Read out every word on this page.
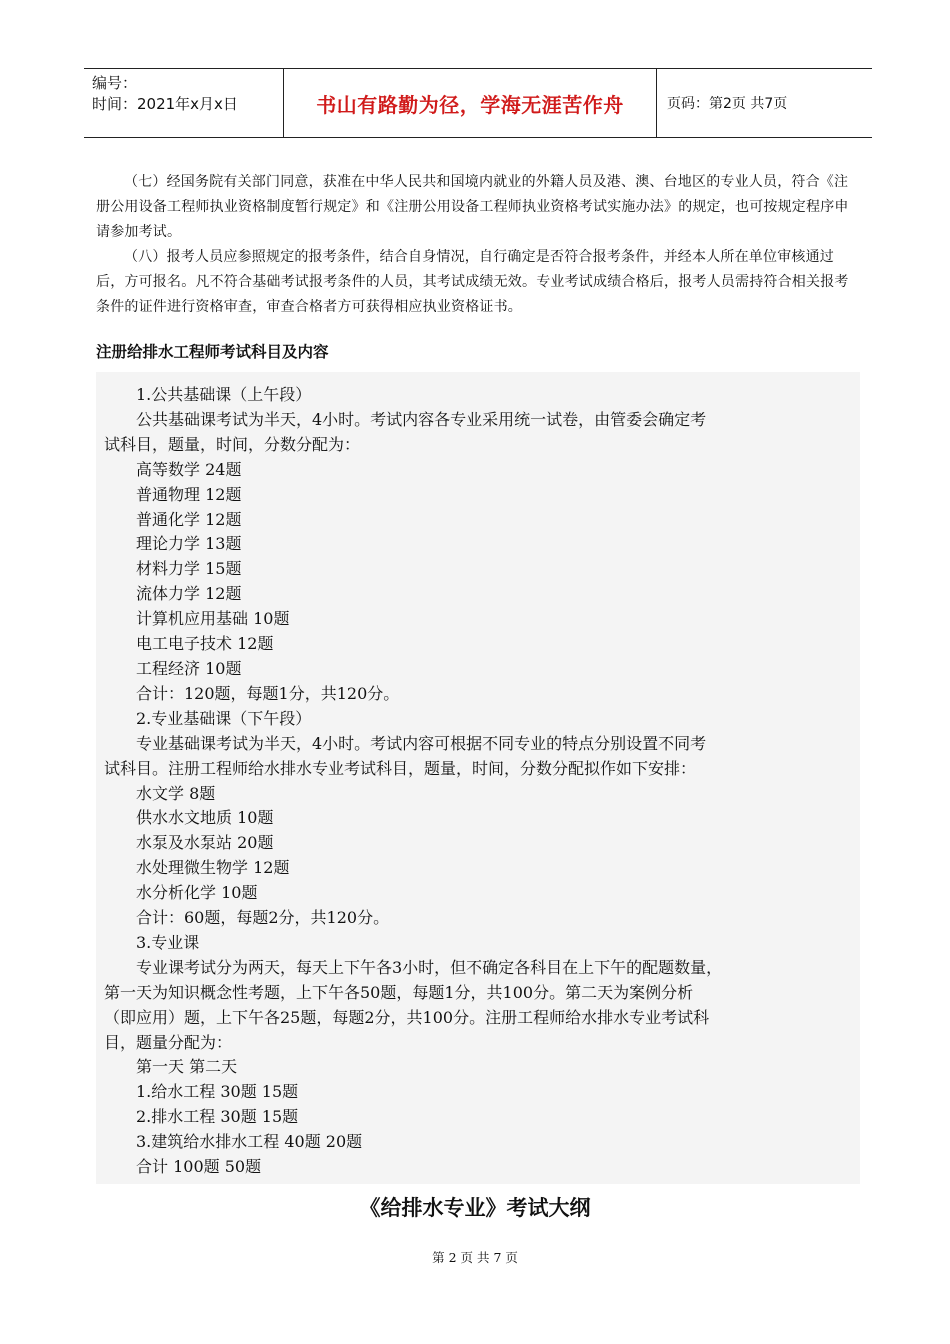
编号：
时间：2021年x月x日	书山有路勤为径，学海无涯苦作舟	页码：第2页 共7页

（七）经国务院有关部门同意，获准在中华人民共和国境内就业的外籍人员及港、澳、台地区的专业人员，符合《注册公用设备工程师执业资格制度暂行规定》和《注册公用设备工程师执业资格考试实施办法》的规定，也可按规定程序申请参加考试。

（八）报考人员应参照规定的报考条件，结合自身情况，自行确定是否符合报考条件，并经本人所在单位审核通过后，方可报名。凡不符合基础考试报考条件的人员，其考试成绩无效。专业考试成绩合格后，报考人员需持符合相关报考条件的证件进行资格审查，审查合格者方可获得相应执业资格证书。

注册给排水工程师考试科目及内容
1.公共基础课（上午段）
公共基础课考试为半天，4小时。考试内容各专业采用统一试卷，由管委会确定考
试科目，题量，时间，分数分配为：
高等数学 24题
普通物理 12题
普通化学 12题
理论力学 13题
材料力学 15题
流体力学 12题
计算机应用基础 10题
电工电子技术 12题
工程经济 10题
合计：120题，每题1分，共120分。
2.专业基础课（下午段）
专业基础课考试为半天，4小时。考试内容可根据不同专业的特点分别设置不同考
试科目。注册工程师给水排水专业考试科目，题量，时间，分数分配拟作如下安排：
水文学 8题
供水水文地质 10题
水泵及水泵站 20题
水处理微生物学 12题
水分析化学 10题
合计：60题，每题2分，共120分。
3.专业课
专业课考试分为两天，每天上下午各3小时，但不确定各科目在上下午的配题数量，
第一天为知识概念性考题，上下午各50题，每题1分，共100分。第二天为案例分析
（即应用）题，上下午各25题，每题2分，共100分。注册工程师给水排水专业考试科
目，题量分配为：
第一天 第二天
1.给水工程 30题 15题
2.排水工程 30题 15题
3.建筑给水排水工程 40题 20题
合计 100题 50题
《给排水专业》考试大纲
第 2 页 共 7 页
